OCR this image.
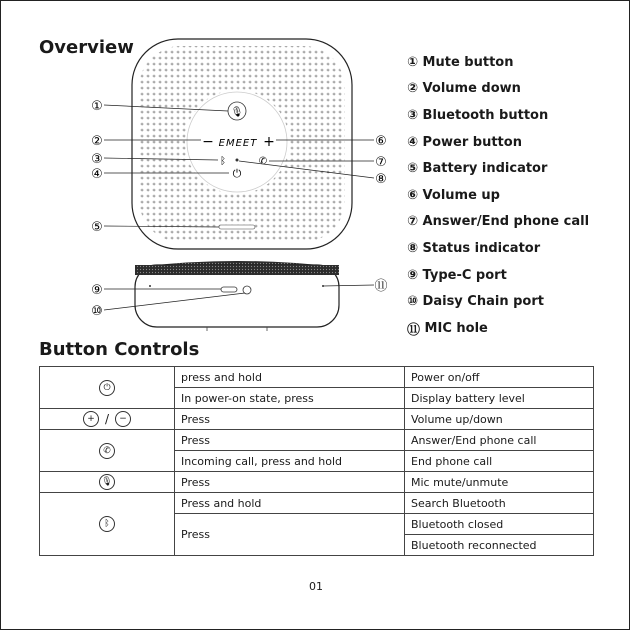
Overview
EMEET
🎙
−	+
ᛒ	✆
⏻
①
②
③
④
⑤
⑥
⑦
⑧
⑨
⑩
⑪
①
Mute button
②
Volume down
③
Bluetooth button
④
Power button
⑤
Battery indicator
⑥
Volume up
⑦
Answer/End phone call
⑧
Status indicator
⑨
Type-C port
⑩
Daisy Chain port
⑪
MIC hole
Button Controls
⏻	press and hold	Power on/off
	In power-on state, press	Display battery level
+ / −	Press	Volume up/down
✆	Press	Answer/End phone call
	Incoming call, press and hold	End phone call
🎙	Press	Mic mute/unmute
ᛒ	Press and hold	Search Bluetooth
	Press	Bluetooth closed
		Bluetooth reconnected
01
